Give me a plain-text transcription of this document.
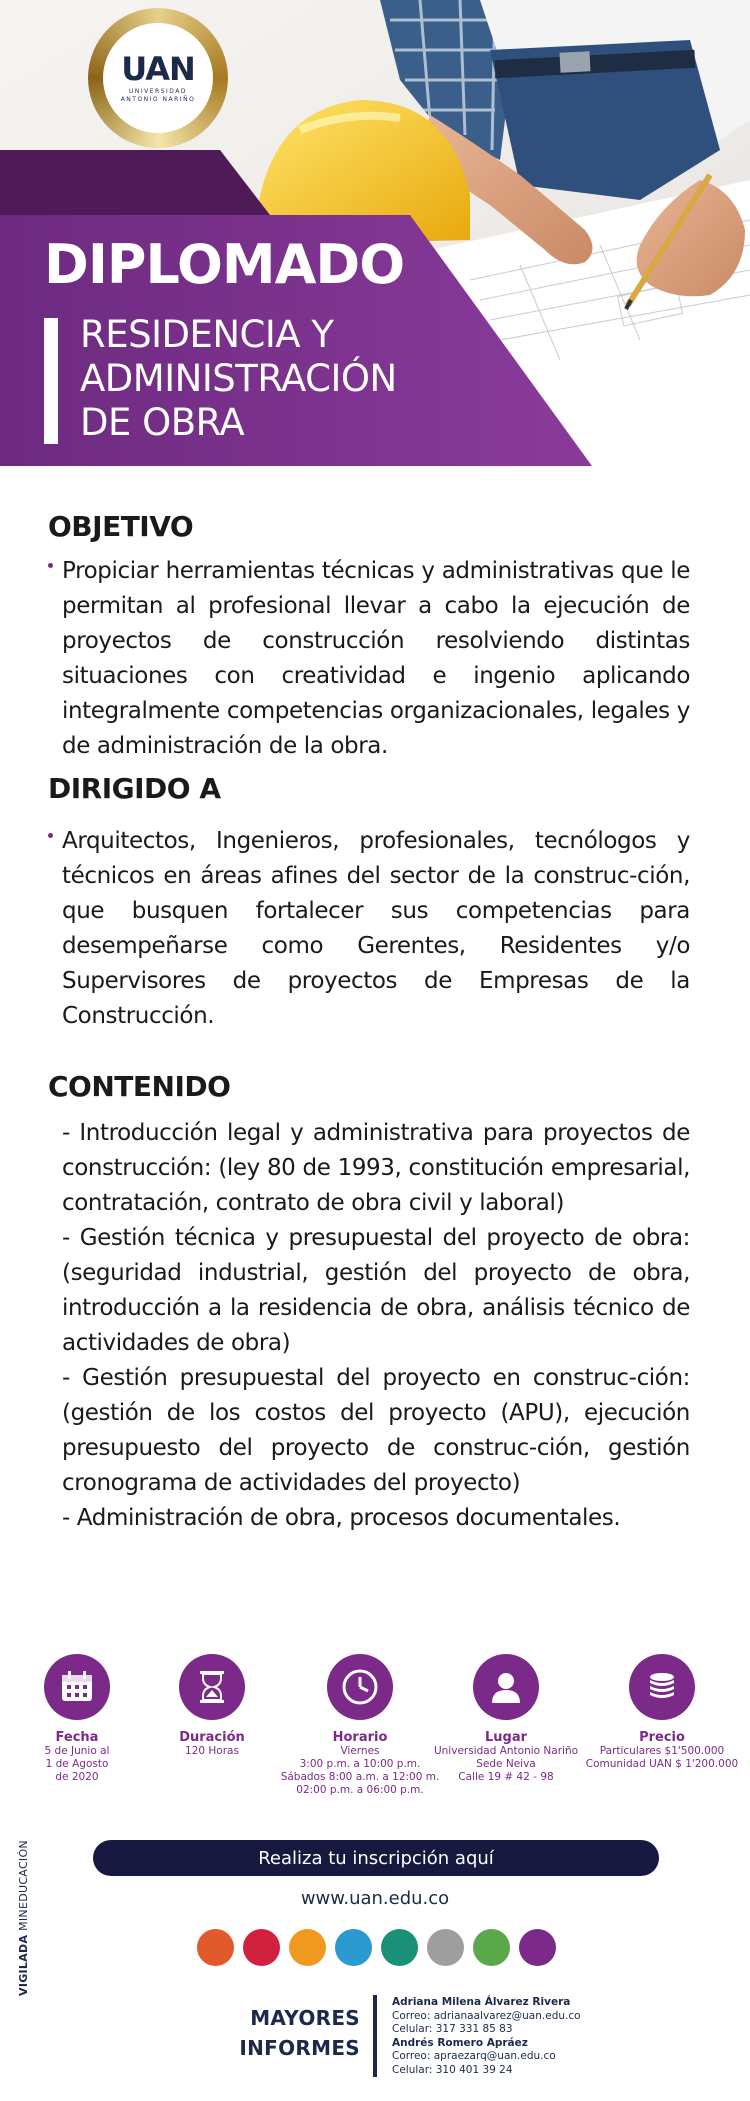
UAN
UNIVERSIDAD
ANTONIO NARIÑO
DIPLOMADO
RESIDENCIA Y
ADMINISTRACIÓN
DE OBRA
OBJETIVO

Propiciar herramientas técnicas y administrativas que le permitan al profesional llevar a cabo la ejecución de proyectos de construcción resolviendo distintas situaciones con creatividad e ingenio aplicando integralmente competencias organizacionales, legales y de administración de la obra.

DIRIGIDO A

Arquitectos, Ingenieros, profesionales, tecnólogos y técnicos en áreas afines del sector de la construc-ción, que busquen fortalecer sus competencias para desempeñarse como Gerentes, Residentes y/o Supervisores de proyectos de Empresas de la Construcción.

CONTENIDO
- Introducción legal y administrativa para proyectos de construcción: (ley 80 de 1993, constitución empresarial, contratación, contrato de obra civil y laboral)
- Gestión técnica y presupuestal del proyecto de obra: (seguridad industrial, gestión del proyecto de obra, introducción a la residencia de obra, análisis técnico de actividades de obra)
- Gestión presupuestal del proyecto en construc-ción: (gestión de los costos del proyecto (APU), ejecución presupuesto del proyecto de construc-ción, gestión cronograma de actividades del proyecto)
- Administración de obra, procesos documentales.
Fecha
5 de Junio al
1 de Agosto
de 2020
Duración
120 Horas
Horario
Viernes
3:00 p.m. a 10:00 p.m.
Sábados 8:00 a.m. a 12:00 m.
02:00 p.m. a 06:00 p.m.
Lugar
Universidad Antonio Nariño
Sede Neiva
Calle 19 # 42 - 98
Precio
Particulares $1'500.000
Comunidad UAN $ 1'200.000
VIGILADA MINEDUCACIÓN	Realiza tu inscripción aquí
www.uan.edu.co
MAYORES
INFORMES
Adriana Milena Álvarez Rivera
Correo: adrianaalvarez@uan.edu.co
Celular: 317 331 85 83
Andrés Romero Apráez
Correo: apraezarq@uan.edu.co
Celular: 310 401 39 24
